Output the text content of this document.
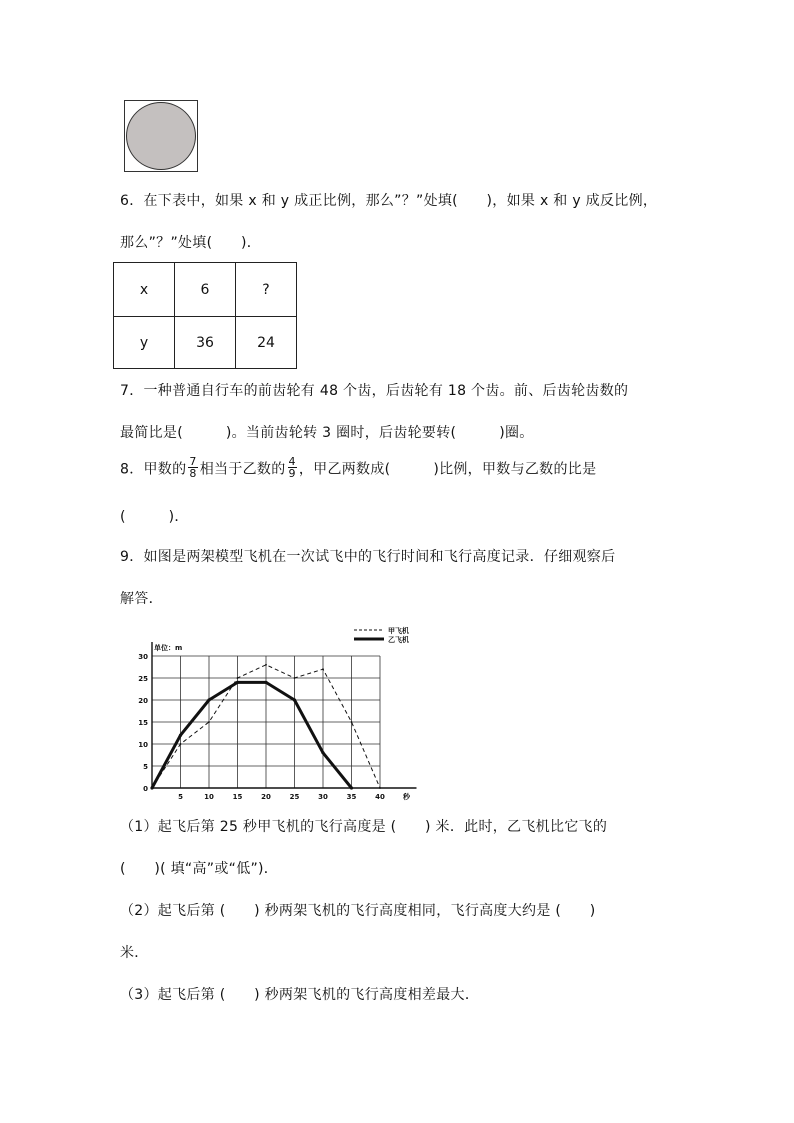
6．在下表中，如果 x 和 y 成正比例，那么”？”处填(　　)，如果 x 和 y 成反比例，
那么”？”处填(　　)．
x	6	?
y	36	24
7．一种普通自行车的前齿轮有 48 个齿，后齿轮有 18 个齿。前、后齿轮齿数的
最简比是(　　　)。当前齿轮转 3 圈时，后齿轮要转(　　　)圈。
8．甲数的 $\frac{7}{8}$ 相当于乙数的 $\frac{4}{9}$ ，甲乙两数成(　　　)比例，甲数与乙数的比是
(　　　)．
9．如图是两架模型飞机在一次试飞中的飞行时间和飞行高度记录．仔细观察后
解答．
0
5
10
15
20
25
30
5	10	15	20	25	30	35	40
单位：m
秒
甲飞机
乙飞机
（1）起飞后第 25 秒甲飞机的飞行高度是 (　　) 米．此时，乙飞机比它飞的
(　　)( 填“高”或“低”)．
（2）起飞后第 (　　) 秒两架飞机的飞行高度相同，飞行高度大约是 (　　)
米．
（3）起飞后第 (　　) 秒两架飞机的飞行高度相差最大．
